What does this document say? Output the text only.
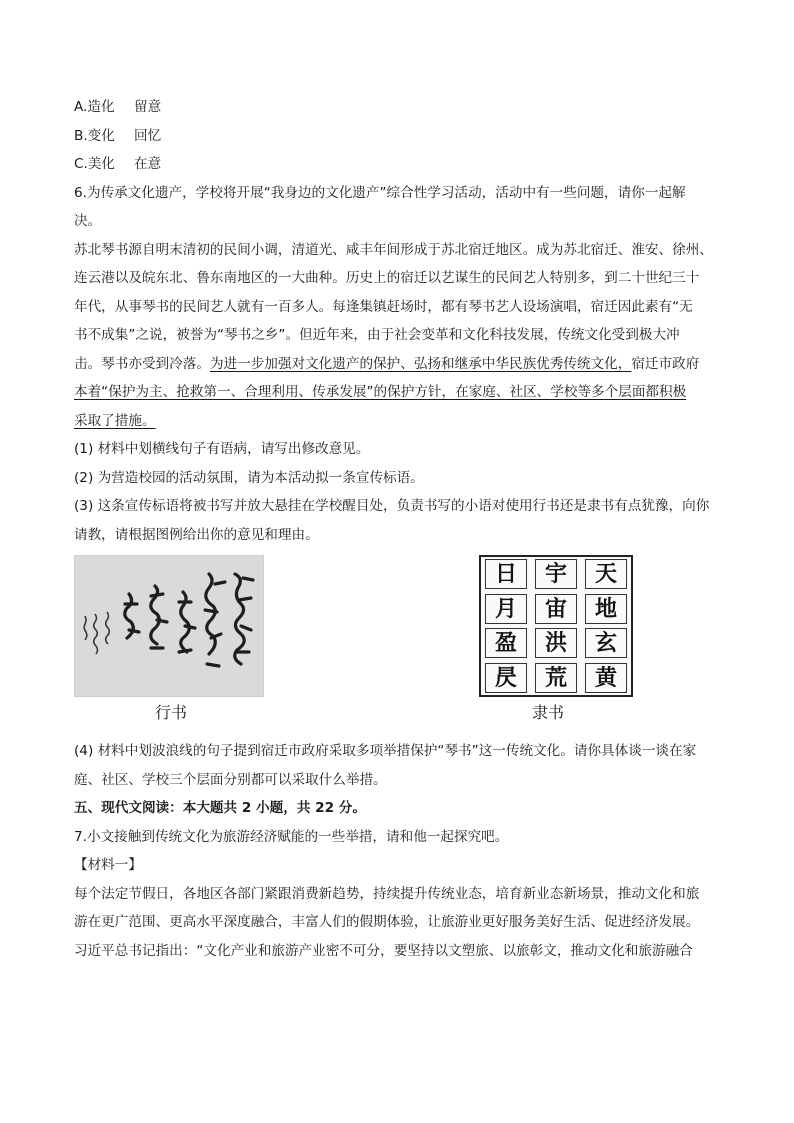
A.造化	留意
B.变化	回忆
C.美化	在意
6.为传承文化遗产，学校将开展“我身边的文化遗产”综合性学习活动，活动中有一些问题，请你一起解
决。
苏北琴书源自明末清初的民间小调，清道光、咸丰年间形成于苏北宿迁地区。成为苏北宿迁、淮安、徐州、
连云港以及皖东北、鲁东南地区的一大曲种。历史上的宿迁以艺谋生的民间艺人特别多，到二十世纪三十
年代，从事琴书的民间艺人就有一百多人。每逢集镇赶场时，都有琴书艺人设场演唱，宿迁因此素有“无
书不成集”之说，被誉为“琴书之乡”。但近年来，由于社会变革和文化科技发展，传统文化受到极大冲
击。琴书亦受到冷落。为进一步加强对文化遗产的保护、弘扬和继承中华民族优秀传统文化，宿迁市政府
本着“保护为主、抢救第一、合理利用、传承发展”的保护方针，在家庭、社区、学校等多个层面都积极
采取了措施。
(1) 材料中划横线句子有语病，请写出修改意见。
(2) 为营造校园的活动氛围，请为本活动拟一条宣传标语。
(3) 这条宣传标语将被书写并放大悬挂在学校醒目处，负责书写的小语对使用行书还是隶书有点犹豫，向你
请教，请根据图例给出你的意见和理由。
行书
日	宇	天
月	宙	地
盈	洪	玄
昃	荒	黄
隶书
(4) 材料中划波浪线的句子提到宿迁市政府采取多项举措保护“琴书”这一传统文化。请你具体谈一谈在家
庭、社区、学校三个层面分别都可以采取什么举措。
五、现代文阅读：本大题共 2 小题，共 22 分。
7.小文接触到传统文化为旅游经济赋能的一些举措，请和他一起探究吧。
【材料一】
每个法定节假日，各地区各部门紧跟消费新趋势，持续提升传统业态，培育新业态新场景，推动文化和旅
游在更广范围、更高水平深度融合，丰富人们的假期体验，让旅游业更好服务美好生活、促进经济发展。
习近平总书记指出：“文化产业和旅游产业密不可分，要坚持以文塑旅、以旅彰文，推动文化和旅游融合
